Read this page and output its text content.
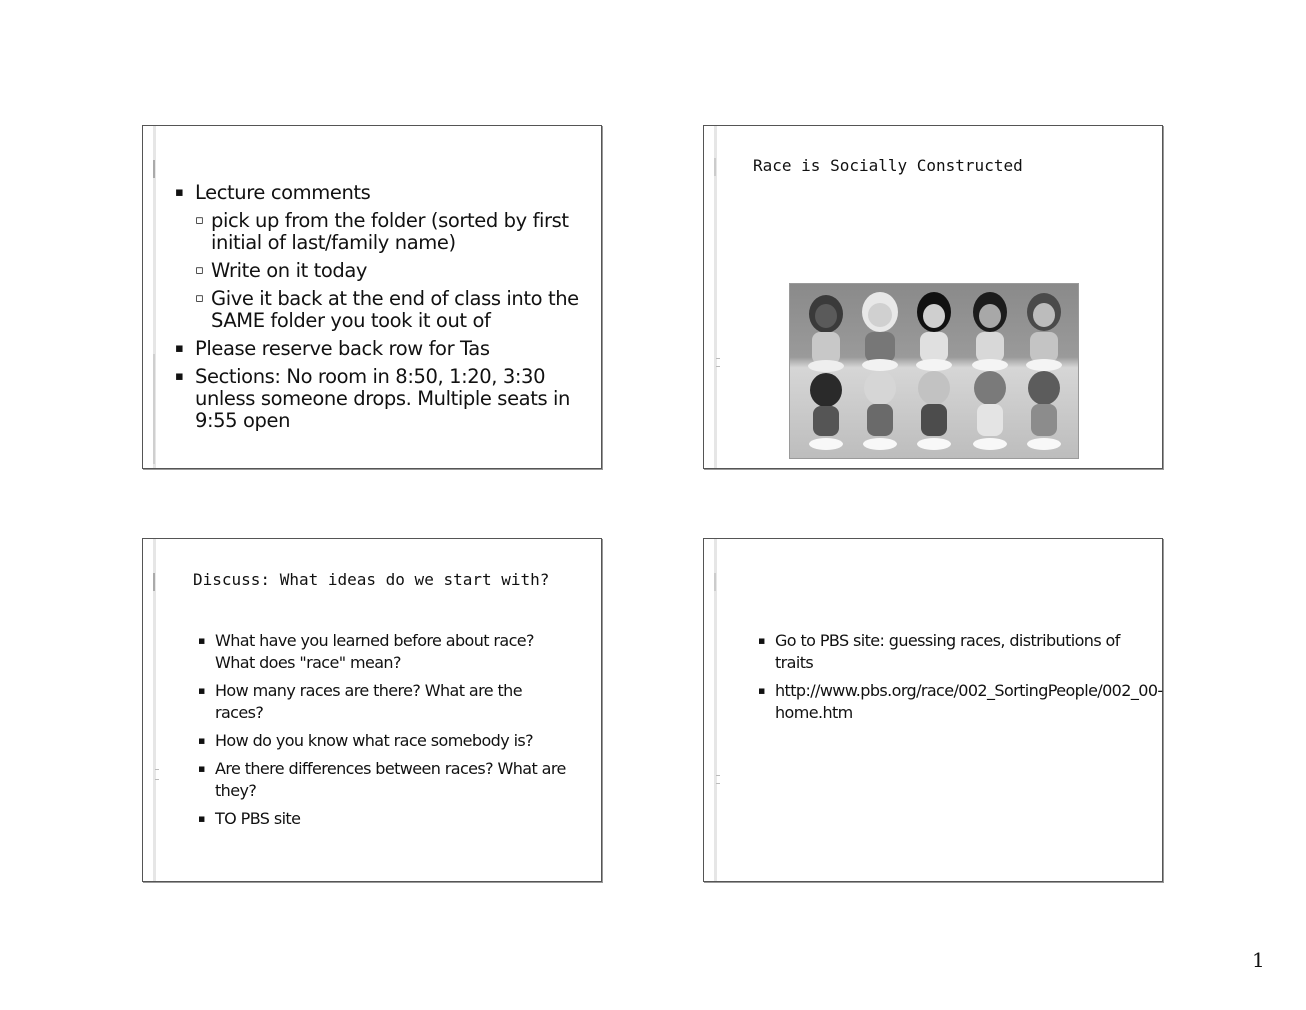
▪ Lecture comments
▫ pick up from the folder (sorted by first initial of last/family name)
▫ Write on it today
▫ Give it back at the end of class into the SAME folder you took it out of
▪ Please reserve back row for Tas
▪ Sections: No room in 8:50, 1:20, 3:30 unless someone drops. Multiple seats in 9:55 open
Race is Socially Constructed
Discuss: What ideas do we start with?
▪ What have you learned before about race? What does "race" mean?
▪ How many races are there? What are the races?
▪ How do you know what race somebody is?
▪ Are there differences between races? What are they?
▪ TO PBS site
▪ Go to PBS site: guessing races, distributions of traits
▪ http://www.pbs.org/race/002_SortingPeople/002_00-home.htm
1
